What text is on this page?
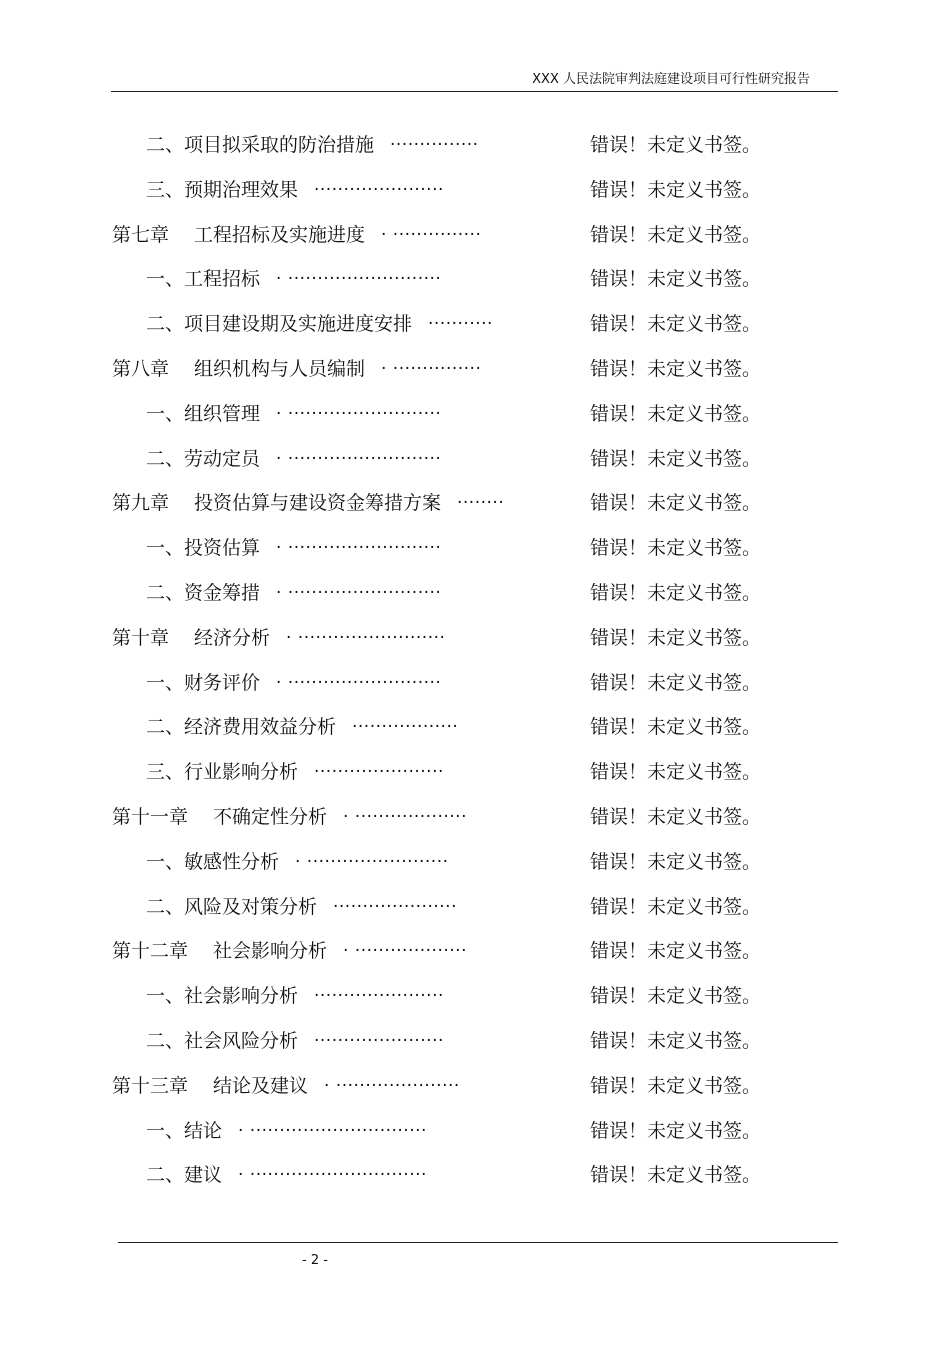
XXX 人民法院审判法庭建设项目可行性研究报告
二、项目拟采取的防治措施 ...............	错误！未定义书签。
三、预期治理效果 ......................	错误！未定义书签。
第七章　 工程招标及实施进度 . ...............	错误！未定义书签。
一、工程招标 . ..........................	错误！未定义书签。
二、项目建设期及实施进度安排 ...........	错误！未定义书签。
第八章　 组织机构与人员编制 . ...............	错误！未定义书签。
一、组织管理 . ..........................	错误！未定义书签。
二、劳动定员 . ..........................	错误！未定义书签。
第九章　 投资估算与建设资金筹措方案 ........	错误！未定义书签。
一、投资估算 . ..........................	错误！未定义书签。
二、资金筹措 . ..........................	错误！未定义书签。
第十章　 经济分析 . .........................	错误！未定义书签。
一、财务评价 . ..........................	错误！未定义书签。
二、经济费用效益分析 ..................	错误！未定义书签。
三、行业影响分析 ......................	错误！未定义书签。
第十一章　 不确定性分析 . ...................	错误！未定义书签。
一、敏感性分析 . ........................	错误！未定义书签。
二、风险及对策分析 .....................	错误！未定义书签。
第十二章　 社会影响分析 . ...................	错误！未定义书签。
一、社会影响分析 ......................	错误！未定义书签。
二、社会风险分析 ......................	错误！未定义书签。
第十三章　 结论及建议 . .....................	错误！未定义书签。
一、结论 . ..............................	错误！未定义书签。
二、建议 . ..............................	错误！未定义书签。
- 2 -
